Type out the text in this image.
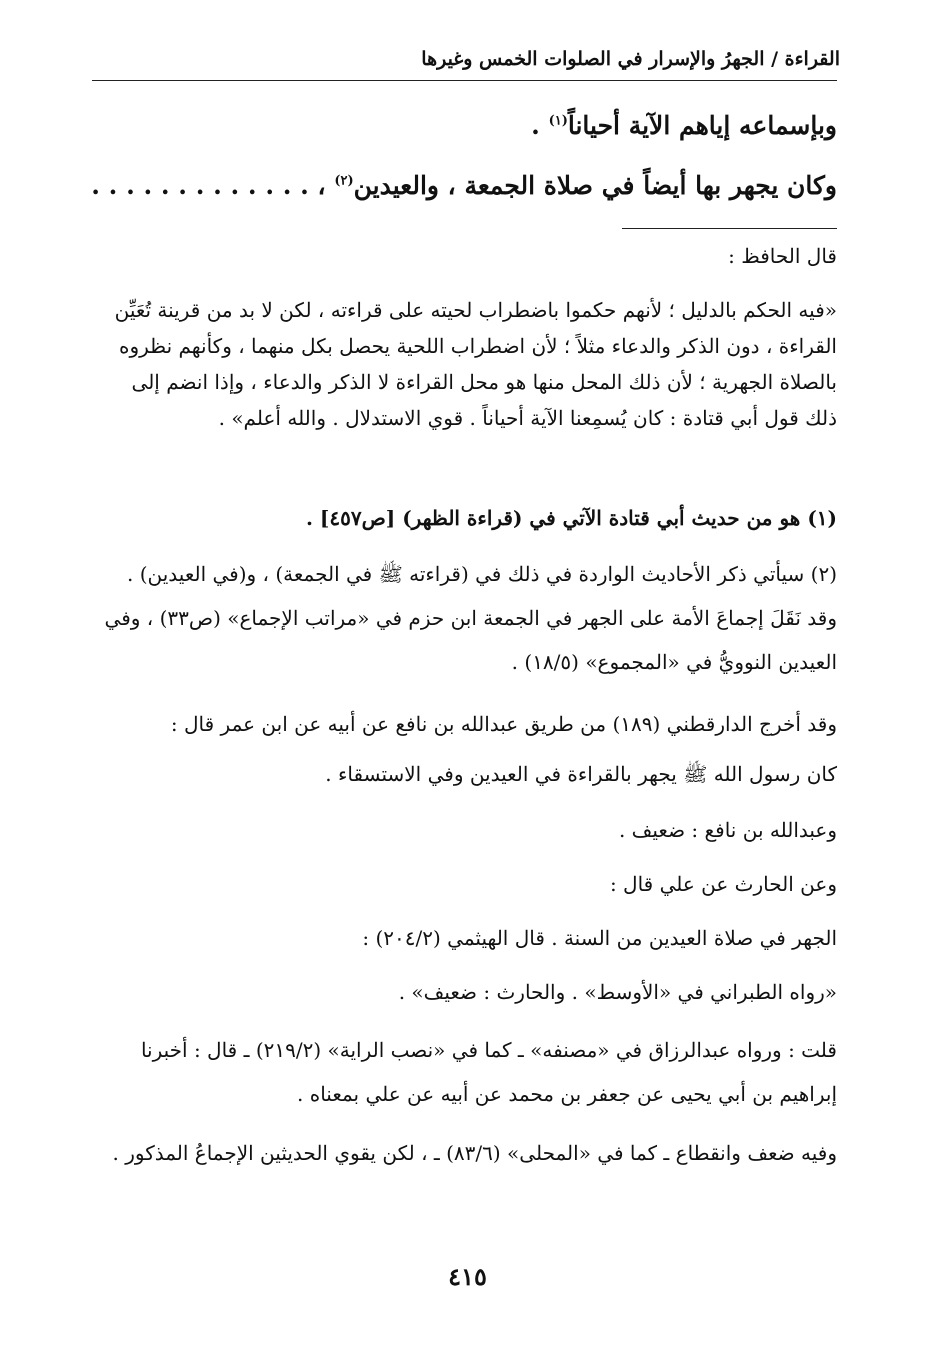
القراءة / الجهرُ والإسرار في الصلوات الخمس وغيرها
وبإسماعه إياهم الآية أحياناً$^{(١)}$ .
وكان يجهر بها أيضاً في صلاة الجمعة ، والعيدين$^{(٢)}$ ، . . . . . . . . . . . . .
قال الحافظ :
«فيه الحكم بالدليل ؛ لأنهم حكموا باضطراب لحيته على قراءته ، لكن لا بد من قرينة تُعَيِّن القراءة ، دون الذكر والدعاء مثلاً ؛ لأن اضطراب اللحية يحصل بكل منهما ، وكأنهم نظروه بالصلاة الجهرية ؛ لأن ذلك المحل منها هو محل القراءة لا الذكر والدعاء ، وإذا انضم إلى ذلك قول أبي قتادة : كان يُسمِعنا الآية أحياناً . قوي الاستدلال . والله أعلم» .
(١) هو من حديث أبي قتادة الآتي في (قراءة الظهر) [ص٤٥٧] .
(٢) سيأتي ذكر الأحاديث الواردة في ذلك في (قراءته ﷺ في الجمعة) ، و(في العيدين) . وقد نَقَلَ إجماعَ الأمة على الجهر في الجمعة ابن حزم في «مراتب الإجماع» (ص٣٣) ، وفي العيدين النوويُّ في «المجموع» (١٨/٥) .
وقد أخرج الدارقطني (١٨٩) من طريق عبدالله بن نافع عن أبيه عن ابن عمر قال :
كان رسول الله ﷺ يجهر بالقراءة في العيدين وفي الاستسقاء .
وعبدالله بن نافع : ضعيف .
وعن الحارث عن علي قال :
الجهر في صلاة العيدين من السنة . قال الهيثمي (٢٠٤/٢) :
«رواه الطبراني في «الأوسط» . والحارث : ضعيف» .
قلت : ورواه عبدالرزاق في «مصنفه» ـ كما في «نصب الراية» (٢١٩/٢) ـ قال : أخبرنا إبراهيم بن أبي يحيى عن جعفر بن محمد عن أبيه عن علي بمعناه .
وفيه ضعف وانقطاع ـ كما في «المحلى» (٨٣/٦) ـ ، لكن يقوي الحديثين الإجماعُ المذكور .
٤١٥
